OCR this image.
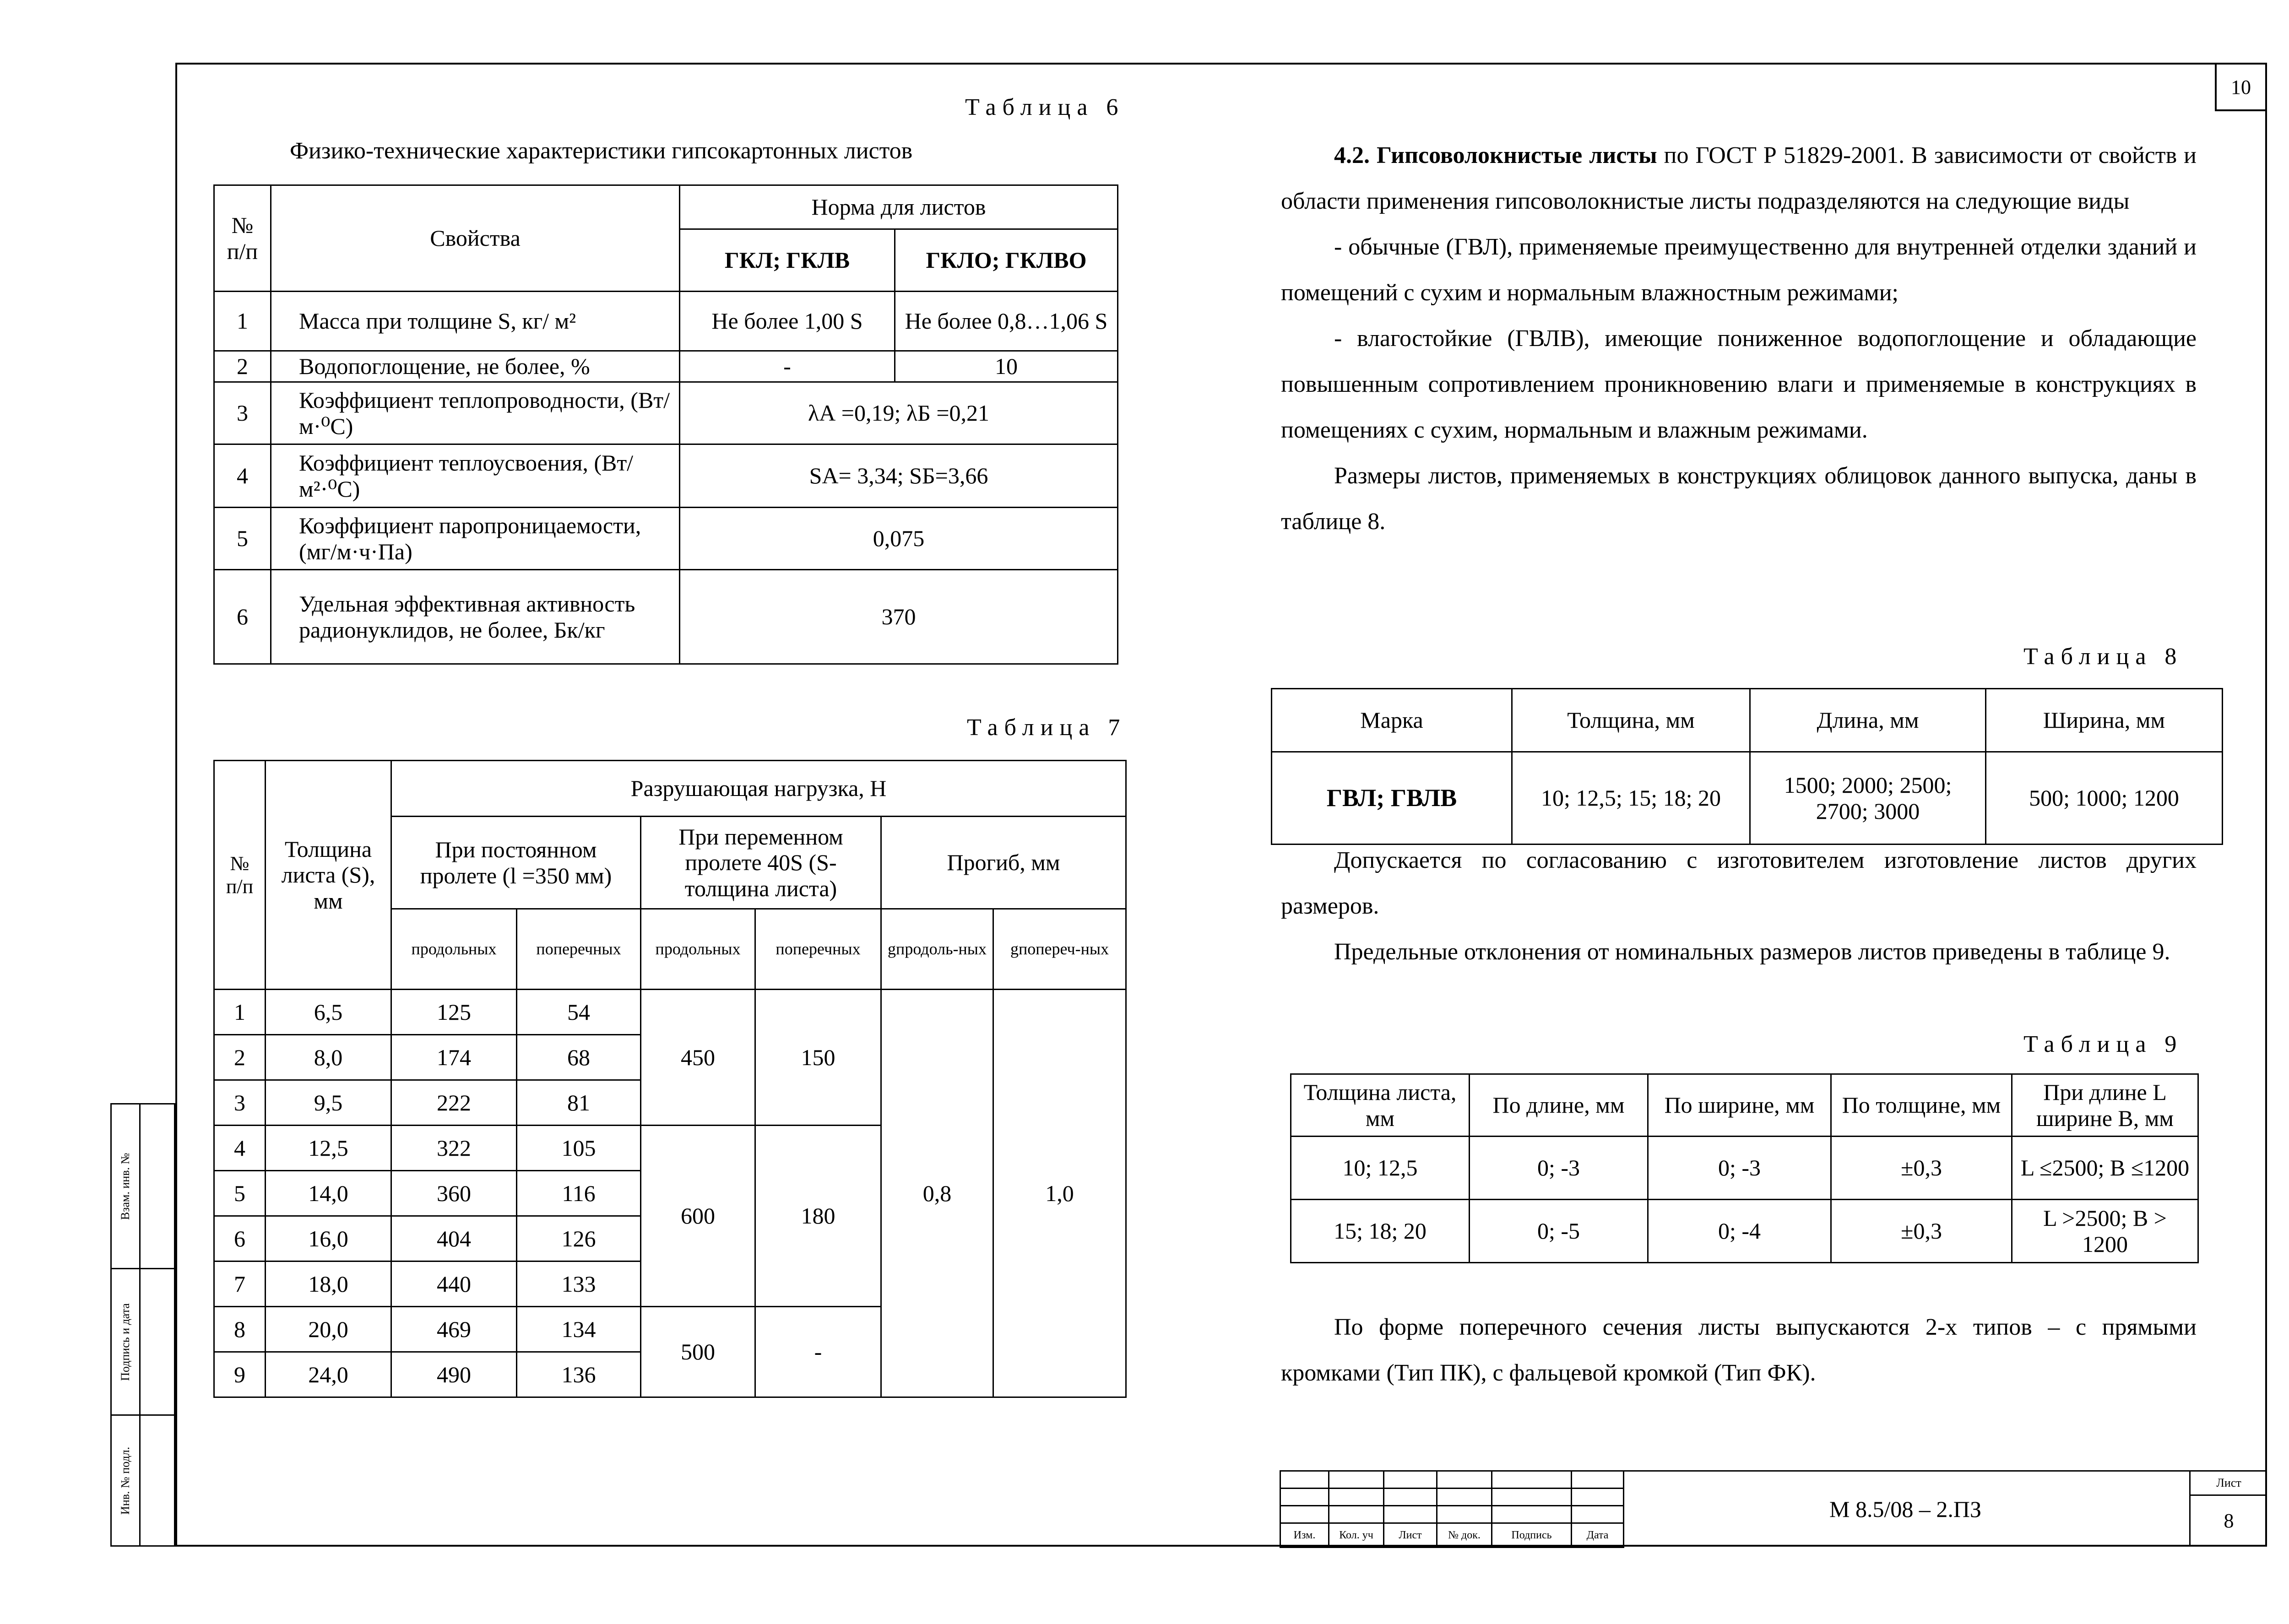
10
Таблица 6
Физико-технические характеристики гипсокартонных листов
№ п/п	Свойства	Норма для листов	
		ГКЛ; ГКЛВ	ГКЛО; ГКЛВО
1	Масса при толщине S, кг/ м²	Не более 1,00 S	Не более 0,8…1,06 S
2	Водопоглощение, не более, %	-	10
3	Коэффициент теплопроводности, (Вт/м·⁰С)	λА =0,19; λБ =0,21	
4	Коэффициент теплоусвоения, (Вт/м²·⁰С)	SА= 3,34; SБ=3,66	
5	Коэффициент паропроницаемости, (мг/м·ч·Па)	0,075	
6	Удельная эффективная активность радионуклидов, не более, Бк/кг	370	
Таблица 7
№ п/п	Толщина листа (S), мм	Разрушающая нагрузка, Н					
		При постоянном пролете (l =350 мм)		При переменном пролете 40S (S-толщина листа)		Прогиб, мм	
		продольных	поперечных	продольных	поперечных	gпродоль-ных	gпопереч-ных
1	6,5	125	54	450	150	0,8	1,0
2	8,0	174	68				
3	9,5	222	81				
4	12,5	322	105	600	180		
5	14,0	360	116				
6	16,0	404	126				
7	18,0	440	133				
8	20,0	469	134	500	-		
9	24,0	490	136				

4.2. Гипсоволокнистые листы по ГОСТ Р 51829-2001. В зависимости от свойств и области применения гипсоволокнистые листы подразделяются на следующие виды

- обычные (ГВЛ), применяемые преимущественно для внутренней отделки зданий и помещений с сухим и нормальным влажностным режимами;

- влагостойкие (ГВЛВ), имеющие пониженное водопоглощение и обладающие повышенным сопротивлением проникновению влаги и применяемые в конструкциях в помещениях с сухим, нормальным и влажным режимами.

Размеры листов, применяемых в конструкциях облицовок данного выпуска, даны в таблице 8.

Таблица 8
Марка	Толщина, мм	Длина, мм	Ширина, мм
ГВЛ; ГВЛВ	10; 12,5; 15; 18; 20	1500; 2000; 2500; 2700; 3000	500; 1000; 1200

Допускается по согласованию с изготовителем изготовление листов других размеров.

Предельные отклонения от номинальных размеров листов приведены в таблице 9.

Таблица 9
Толщина листа, мм	По длине, мм	По ширине, мм	По толщине, мм	При длине L ширине В, мм
10; 12,5	0; -3	0; -3	±0,3	L ≤2500; В ≤1200
15; 18; 20	0; -5	0; -4	±0,3	L >2500; В > 1200

По форме поперечного сечения листы выпускаются 2-х типов – с прямыми кромками (Тип ПК), с фальцевой кромкой (Тип ФК).

Взам. инв. №
Подпись и дата
Инв. № подл.

Изм.	Кол. уч	Лист	№ док.	Подпись	Дата
М 8.5/08 – 2.ПЗ
Лист
8
